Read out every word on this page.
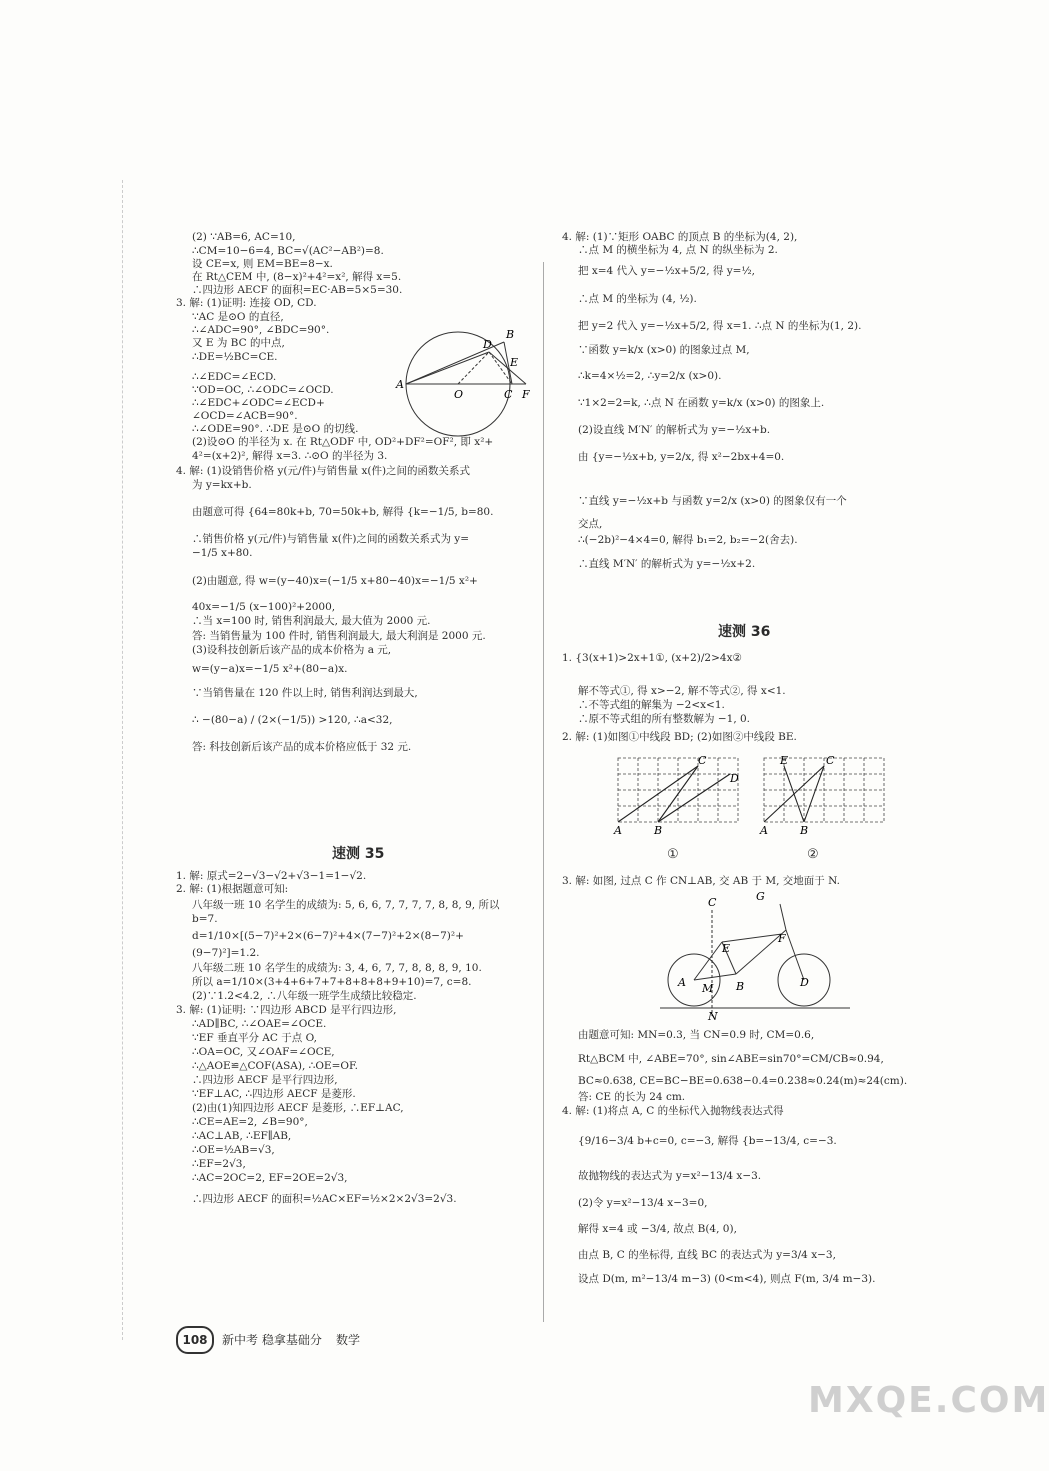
(2) ∵AB=6, AC=10,
∴CM=10−6=4, BC=√(AC²−AB²)=8.
设 CE=x, 则 EM=BE=8−x.
在 Rt△CEM 中, (8−x)²+4²=x², 解得 x=5.
∴四边形 AECF 的面积=EC·AB=5×5=30.
3. 解: (1)证明: 连接 OD, CD.
∵AC 是⊙O 的直径,
∴∠ADC=90°, ∠BDC=90°.
又 E 为 BC 的中点,
∴DE=½BC=CE.
∴∠EDC=∠ECD.
∵OD=OC, ∴∠ODC=∠OCD.
∴∠EDC+∠ODC=∠ECD+
∠OCD=∠ACB=90°.
∴∠ODE=90°. ∴DE 是⊙O 的切线.
(2)设⊙O 的半径为 x. 在 Rt△ODF 中, OD²+DF²=OF², 即 x²+
4²=(x+2)², 解得 x=3. ∴⊙O 的半径为 3.
4. 解: (1)设销售价格 y(元/件)与销售量 x(件)之间的函数关系式
为 y=kx+b.
由题意可得 {64=80k+b, 70=50k+b, 解得 {k=−1/5, b=80.
∴销售价格 y(元/件)与销售量 x(件)之间的函数关系式为 y=
−1/5 x+80.
(2)由题意, 得 w=(y−40)x=(−1/5 x+80−40)x=−1/5 x²+
40x=−1/5 (x−100)²+2000,
∴当 x=100 时, 销售利润最大, 最大值为 2000 元.
答: 当销售量为 100 件时, 销售利润最大, 最大利润是 2000 元.
(3)设科技创新后该产品的成本价格为 a 元,
w=(y−a)x=−1/5 x²+(80−a)x.
∵当销售量在 120 件以上时, 销售利润达到最大,
∴ −(80−a) / (2×(−1/5)) >120, ∴a<32,
答: 科技创新后该产品的成本价格应低于 32 元.
速测 35
1. 解: 原式=2−√3−√2+√3−1=1−√2.
2. 解: (1)根据题意可知:
八年级一班 10 名学生的成绩为: 5, 6, 6, 7, 7, 7, 7, 8, 8, 9, 所以
b=7.
d=1/10×[(5−7)²+2×(6−7)²+4×(7−7)²+2×(8−7)²+
(9−7)²]=1.2.
八年级二班 10 名学生的成绩为: 3, 4, 6, 7, 7, 8, 8, 8, 9, 10.
所以 a=1/10×(3+4+6+7+7+8+8+8+9+10)=7, c=8.
(2)∵1.2<4.2, ∴八年级一班学生成绩比较稳定.
3. 解: (1)证明: ∵四边形 ABCD 是平行四边形,
∴AD∥BC, ∴∠OAE=∠OCE.
∵EF 垂直平分 AC 于点 O,
∴OA=OC, 又∠OAF=∠OCE,
∴△AOE≌△COF(ASA), ∴OE=OF.
∴四边形 AECF 是平行四边形,
∵EF⊥AC, ∴四边形 AECF 是菱形.
(2)由(1)知四边形 AECF 是菱形, ∴EF⊥AC,
∴CE=AE=2, ∠B=90°,
∴AC⊥AB, ∴EF∥AB,
∴OE=½AB=√3,
∴EF=2√3,
∴AC=2OC=2, EF=2OE=2√3,
∴四边形 AECF 的面积=½AC×EF=½×2×2√3=2√3.
4. 解: (1)∵矩形 OABC 的顶点 B 的坐标为(4, 2),
∴点 M 的横坐标为 4, 点 N 的纵坐标为 2.
把 x=4 代入 y=−½x+5/2, 得 y=½,
∴点 M 的坐标为 (4, ½).
把 y=2 代入 y=−½x+5/2, 得 x=1. ∴点 N 的坐标为(1, 2).
∵函数 y=k/x (x>0) 的图象过点 M,
∴k=4×½=2, ∴y=2/x (x>0).
∵1×2=2=k, ∴点 N 在函数 y=k/x (x>0) 的图象上.
(2)设直线 M′N′ 的解析式为 y=−½x+b.
由 {y=−½x+b, y=2/x, 得 x²−2bx+4=0.
∵直线 y=−½x+b 与函数 y=2/x (x>0) 的图象仅有一个
交点,
∴(−2b)²−4×4=0, 解得 b₁=2, b₂=−2(舍去).
∴直线 M′N′ 的解析式为 y=−½x+2.
速测 36
1. {3(x+1)>2x+1①, (x+2)/2>4x②
解不等式①, 得 x>−2, 解不等式②, 得 x<1.
∴不等式组的解集为 −2<x<1.
∴原不等式组的所有整数解为 −1, 0.
2. 解: (1)如图①中线段 BD; (2)如图②中线段 BE.
3. 解: 如图, 过点 C 作 CN⊥AB, 交 AB 于 M, 交地面于 N.
由题意可知: MN=0.3, 当 CN=0.9 时, CM=0.6,
Rt△BCM 中, ∠ABE=70°, sin∠ABE=sin70°=CM/CB≈0.94,
BC≈0.638, CE=BC−BE=0.638−0.4=0.238≈0.24(m)≈24(cm).
答: CE 的长为 24 cm.
4. 解: (1)将点 A, C 的坐标代入抛物线表达式得
{9/16−3/4 b+c=0, c=−3, 解得 {b=−13/4, c=−3.
故抛物线的表达式为 y=x²−13/4 x−3.
(2)令 y=x²−13/4 x−3=0,
解得 x=4 或 −3/4, 故点 B(4, 0),
由点 B, C 的坐标得, 直线 BC 的表达式为 y=3/4 x−3,
设点 D(m, m²−13/4 m−3) (0<m<4), 则点 F(m, 3/4 m−3).
A
B
D
E
O	C F
A	B
C
D
①
A	B
C
E
②
C
E
G
F
A M B	D
N
108	新中考 稳拿基础分 数学
MXQE.COM
